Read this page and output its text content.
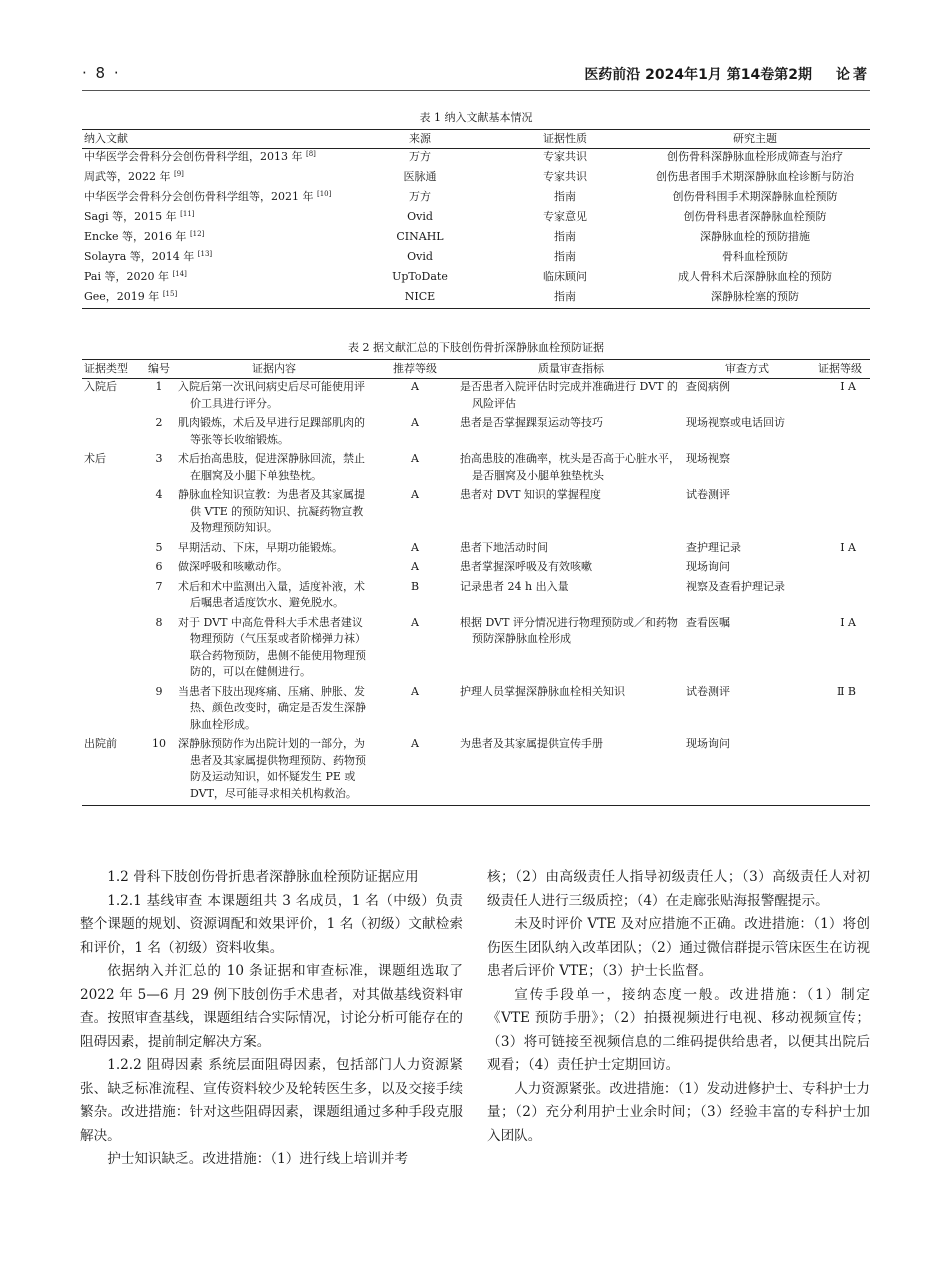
· 8 ·	医药前沿 2024年1月 第14卷第2期 论著
表 1 纳入文献基本情况
纳入文献	来源	证据性质	研究主题
中华医学会骨科分会创伤骨科学组，2013 年 [8]	万方	专家共识	创伤骨科深静脉血栓形成筛查与治疗
周武等，2022 年 [9]	医脉通	专家共识	创伤患者围手术期深静脉血栓诊断与防治
中华医学会骨科分会创伤骨科学组等，2021 年 [10]	万方	指南	创伤骨科围手术期深静脉血栓预防
Sagi 等，2015 年 [11]	Ovid	专家意见	创伤骨科患者深静脉血栓预防
Encke 等，2016 年 [12]	CINAHL	指南	深静脉血栓的预防措施
Solayra 等，2014 年 [13]	Ovid	指南	骨科血栓预防
Pai 等，2020 年 [14]	UpToDate	临床顾问	成人骨科术后深静脉血栓的预防
Gee，2019 年 [15]	NICE	指南	深静脉栓塞的预防
表 2 据文献汇总的下肢创伤骨折深静脉血栓预防证据
证据类型	编号	证据内容	推荐等级	质量审查指标	审查方式	证据等级
入院后	1	入院后第一次讯问病史后尽可能使用评价工具进行评分。	A	是否患者入院评估时完成并准确进行 DVT 的风险评估	查阅病例	Ⅰ A
	2	肌肉锻炼，术后及早进行足踝部肌肉的等张等长收缩锻炼。	A	患者是否掌握踝泵运动等技巧	现场视察或电话回访	
术后	3	术后抬高患肢，促进深静脉回流，禁止在腘窝及小腿下单独垫枕。	A	抬高患肢的准确率，枕头是否高于心脏水平，是否腘窝及小腿单独垫枕头	现场视察	
	4	静脉血栓知识宣教：为患者及其家属提供 VTE 的预防知识、抗凝药物宣教及物理预防知识。	A	患者对 DVT 知识的掌握程度	试卷测评	
	5	早期活动、下床，早期功能锻炼。	A	患者下地活动时间	查护理记录	Ⅰ A
	6	做深呼吸和咳嗽动作。	A	患者掌握深呼吸及有效咳嗽	现场询问	
	7	术后和术中监测出入量，适度补液，术后嘱患者适度饮水、避免脱水。	B	记录患者 24 h 出入量	视察及查看护理记录	
	8	对于 DVT 中高危骨科大手术患者建议物理预防（气压泵或者阶梯弹力袜）联合药物预防，患侧不能使用物理预防的，可以在健侧进行。	A	根据 DVT 评分情况进行物理预防或／和药物预防深静脉血栓形成	查看医嘱	Ⅰ A
	9	当患者下肢出现疼痛、压痛、肿胀、发热、颜色改变时，确定是否发生深静脉血栓形成。	A	护理人员掌握深静脉血栓相关知识	试卷测评	Ⅱ B
出院前	10	深静脉预防作为出院计划的一部分，为患者及其家属提供物理预防、药物预防及运动知识，如怀疑发生 PE 或 DVT，尽可能寻求相关机构救治。	A	为患者及其家属提供宣传手册	现场询问	

1.2 骨科下肢创伤骨折患者深静脉血栓预防证据应用

1.2.1 基线审查 本课题组共 3 名成员，1 名（中级）负责整个课题的规划、资源调配和效果评价，1 名（初级）文献检索和评价，1 名（初级）资料收集。

依据纳入并汇总的 10 条证据和审查标准，课题组选取了 2022 年 5—6 月 29 例下肢创伤手术患者，对其做基线资料审查。按照审查基线，课题组结合实际情况，讨论分析可能存在的阻碍因素，提前制定解决方案。

1.2.2 阻碍因素 系统层面阻碍因素，包括部门人力资源紧张、缺乏标准流程、宣传资料较少及轮转医生多，以及交接手续繁杂。改进措施：针对这些阻碍因素，课题组通过多种手段克服解决。

护士知识缺乏。改进措施：（1）进行线上培训并考

核；（2）由高级责任人指导初级责任人；（3）高级责任人对初级责任人进行三级质控；（4）在走廊张贴海报警醒提示。

未及时评价 VTE 及对应措施不正确。改进措施：（1）将创伤医生团队纳入改革团队；（2）通过微信群提示管床医生在访视患者后评价 VTE；（3）护士长监督。

宣传手段单一，接纳态度一般。改进措施：（1）制定《VTE 预防手册》；（2）拍摄视频进行电视、移动视频宣传；（3）将可链接至视频信息的二维码提供给患者，以便其出院后观看；（4）责任护士定期回访。

人力资源紧张。改进措施：（1）发动进修护士、专科护士力量；（2）充分利用护士业余时间；（3）经验丰富的专科护士加入团队。
